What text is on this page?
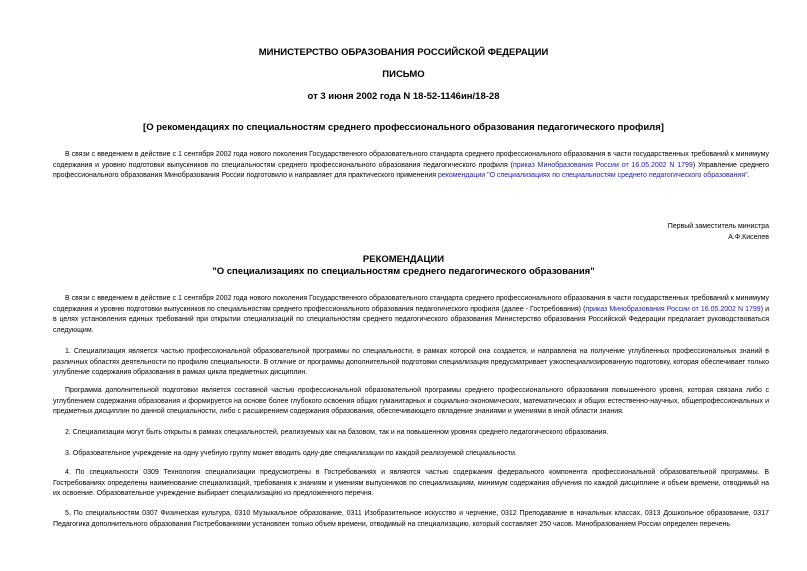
МИНИСТЕРСТВО ОБРАЗОВАНИЯ РОССИЙСКОЙ ФЕДЕРАЦИИ
ПИСЬМО
от 3 июня 2002 года N 18-52-1146ин/18-28
[О рекомендациях по специальностям среднего профессионального образования педагогического профиля]
В связи с введением в действие с 1 сентября 2002 года нового поколения Государственного образовательного стандарта среднего профессионального образования в части государственных требований к минимуму содержания и уровню подготовки выпускников по специальностям среднего профессионального образования педагогического профиля (приказ Минобразования России от 16.05.2002 N 1799) Управление среднего профессионального образования Минобразования России подготовило и направляет для практического применения рекомендации "О специализациях по специальностям среднего педагогического образования".
Первый заместитель министра
А.Ф.Киселев
РЕКОМЕНДАЦИИ
"О специализациях по специальностям среднего педагогического образования"
В связи с введением в действие с 1 сентября 2002 года нового поколения Государственного образовательного стандарта среднего профессионального образования в части государственных требований к минимуму содержания и уровню подготовки выпускников по специальностям среднего профессионального образования педагогического профиля (далее - Гостребования) (приказ Минобразования России от 16.05.2002 N 1799) и в целях установления единых требований при открытии специализаций по специальностям среднего педагогического образования Министерство образования Российской Федерации предлагает руководствоваться следующим.
1. Специализация является частью профессиональной образовательной программы по специальности, в рамках которой она создается, и направлена на получение углубленных профессиональных знаний в различных областях деятельности по профилю специальности. В отличие от программы дополнительной подготовки специализация предусматривает узкоспециализированную подготовку, которая обеспечивает только углубление содержания образования в рамках цикла предметных дисциплин.
Программа дополнительной подготовки является составной частью профессиональной образовательной программы среднего профессионального образования повышенного уровня, которая связана либо с углублением содержания образования и формируется на основе более глубокого освоения общих гуманитарных и социально-экономических, математических и общих естественно-научных, общепрофессиональных и предметных дисциплин по данной специальности, либо с расширением содержания образования, обеспечивающего овладение знаниями и умениями в иной области знания.
2. Специализации могут быть открыты в рамках специальностей, реализуемых как на базовом, так и на повышенном уровнях среднего педагогического образования.
3. Образовательное учреждение на одну учебную группу может вводить одну-две специализации по каждой реализуемой специальности.
4. По специальности 0309 Технология специализации предусмотрены в Гостребованиях и являются частью содержания федерального компонента профессиональной образовательной программы. В Гостребованиях определены наименование специализаций, требования к знаниям и умениям выпускников по специализациям, минимум содержания обучения по каждой дисциплине и объем времени, отводимый на их освоение. Образовательное учреждение выбирает специализацию из предложенного перечня.
5. По специальностям 0307 Физическая культура, 0310 Музыкальное образование, 0311 Изобразительное искусство и черчение, 0312 Преподавание в начальных классах, 0313 Дошкольное образование, 0317 Педагогика дополнительного образования Гостребованиями установлен только объем времени, отводимый на специализацию, который составляет 250 часов. Минобразованием России определен перечень
